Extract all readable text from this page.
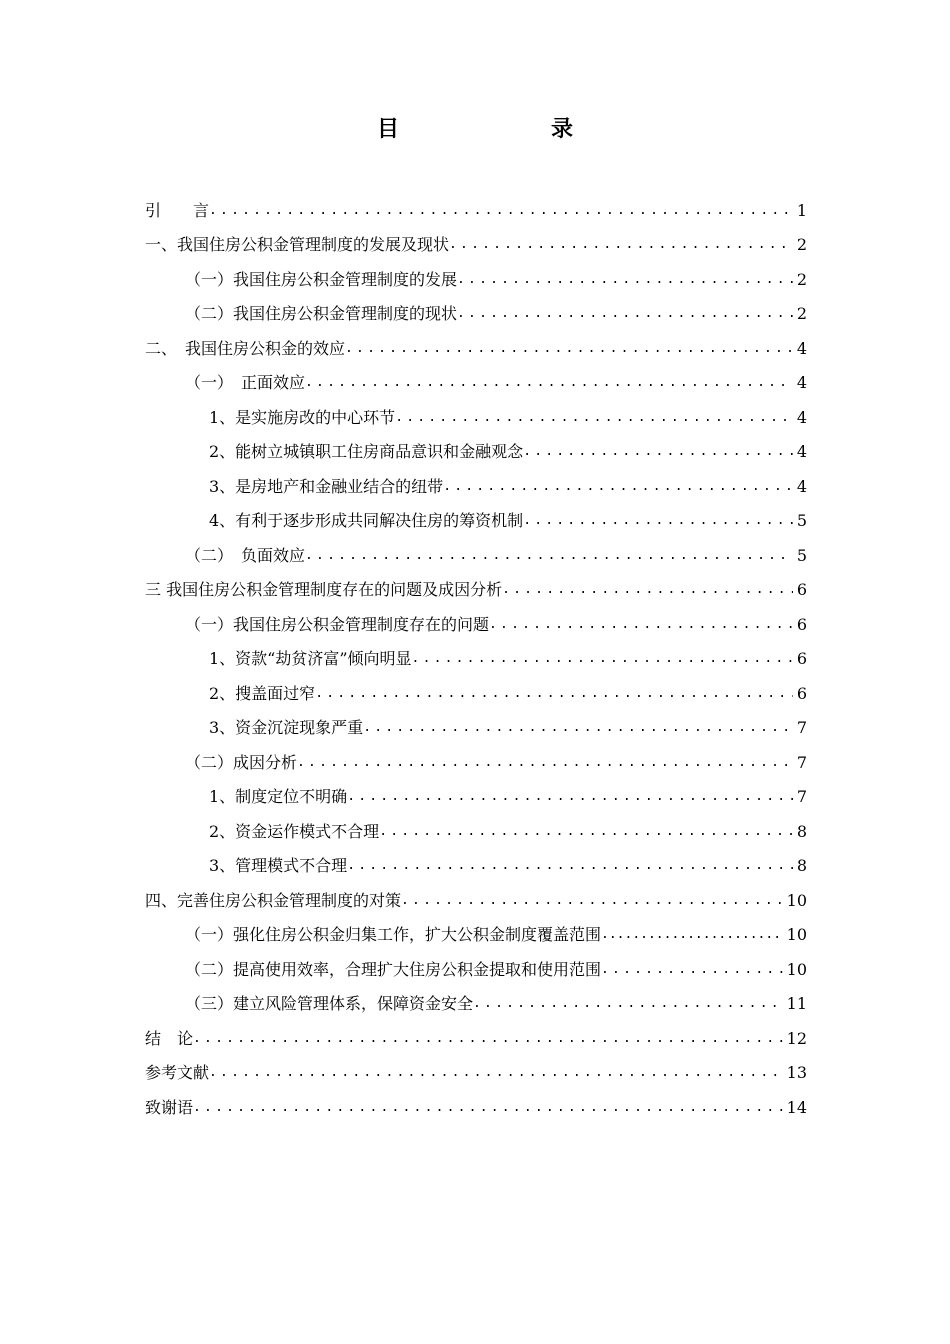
目　　录
引　　言 .....	1
一、我国住房公积金管理制度的发展及现状 .....	2
（一）我国住房公积金管理制度的发展 .....	2
（二）我国住房公积金管理制度的现状 .....	2
二、　我国住房公积金的效应 .....	4
（一）　正面效应 .....	4
1、是实施房改的中心环节 .....	4
2、能树立城镇职工住房商品意识和金融观念 .....	4
3、是房地产和金融业结合的纽带 .....	4
4、有利于逐步形成共同解决住房的筹资机制 .....	5
（二）　负面效应 .....	5
三 我国住房公积金管理制度存在的问题及成因分析 .....	6
（一）我国住房公积金管理制度存在的问题 .....	6
1、资款“劫贫济富”倾向明显 .....	6
2、搜盖面过窄 .....	6
3、资金沉淀现象严重 .....	7
（二）成因分析 .....	7
1、制度定位不明确 .....	7
2、资金运作模式不合理 .....	8
3、管理模式不合理 .....	8
四、完善住房公积金管理制度的对策 .....	10
（一）强化住房公积金归集工作，扩大公积金制度覆盖范围 .....	10
（二）提高使用效率，合理扩大住房公积金提取和使用范围 .....	10
（三）建立风险管理体系，保障资金安全 .....	11
结　论 .....	12
参考文献 .....	13
致谢语 .....	14
